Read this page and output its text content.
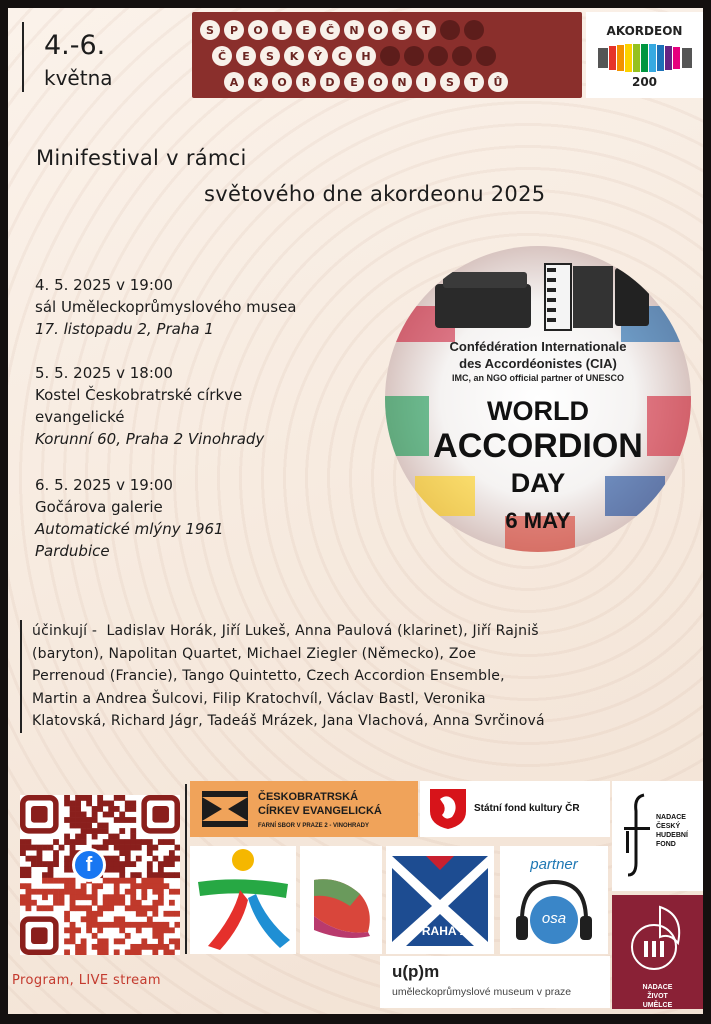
4.-6.
května
S	P	O	L	E	Č	N	O	S	T
Č	E	S	K	Ý	C	H
A	K	O	R	D	E	O	N	I	S	T	Ů
AKORDEON
200
Minifestival v rámci
světového dne akordeonu 2025
4. 5. 2025 v 19:00
sál Uměleckoprůmyslového musea
17. listopadu 2, Praha 1
5. 5. 2025 v 18:00
Kostel Českobratrské církve
evangelické
Korunní 60, Praha 2 Vinohrady
6. 5. 2025 v 19:00
Gočárova galerie
Automatické mlýny 1961
Pardubice
Confédération Internationale
des Accordéonistes (CIA)
IMC, an NGO official partner of UNESCO
WORLD
ACCORDION
DAY
6 MAY
účinkují - Ladislav Horák, Jiří Lukeš, Anna Paulová (klarinet), Jiří Rajniš
(baryton), Napolitan Quartet, Michael Ziegler (Německo), Zoe
Perrenoud (Francie), Tango Quintetto, Czech Accordion Ensemble,
Martin a Andrea Šulcovi, Filip Kratochvíl, Václav Bastl, Veronika
Klatovská, Richard Jágr, Tadeáš Mrázek, Jana Vlachová, Anna Svrčinová
f
Program, LIVE stream
ČESKOBRATRSKÁ
CÍRKEV EVANGELICKÁ
FARNÍ SBOR V PRAZE 2 - VINOHRADY
Státní fond kultury ČR
NADACE
ČESKÝ
HUDEBNÍ
FOND
PRAHA 1
partner
osa
NADACE
ŽIVOT
UMĚLCE
u(p)m
uměleckoprůmyslové museum v praze
